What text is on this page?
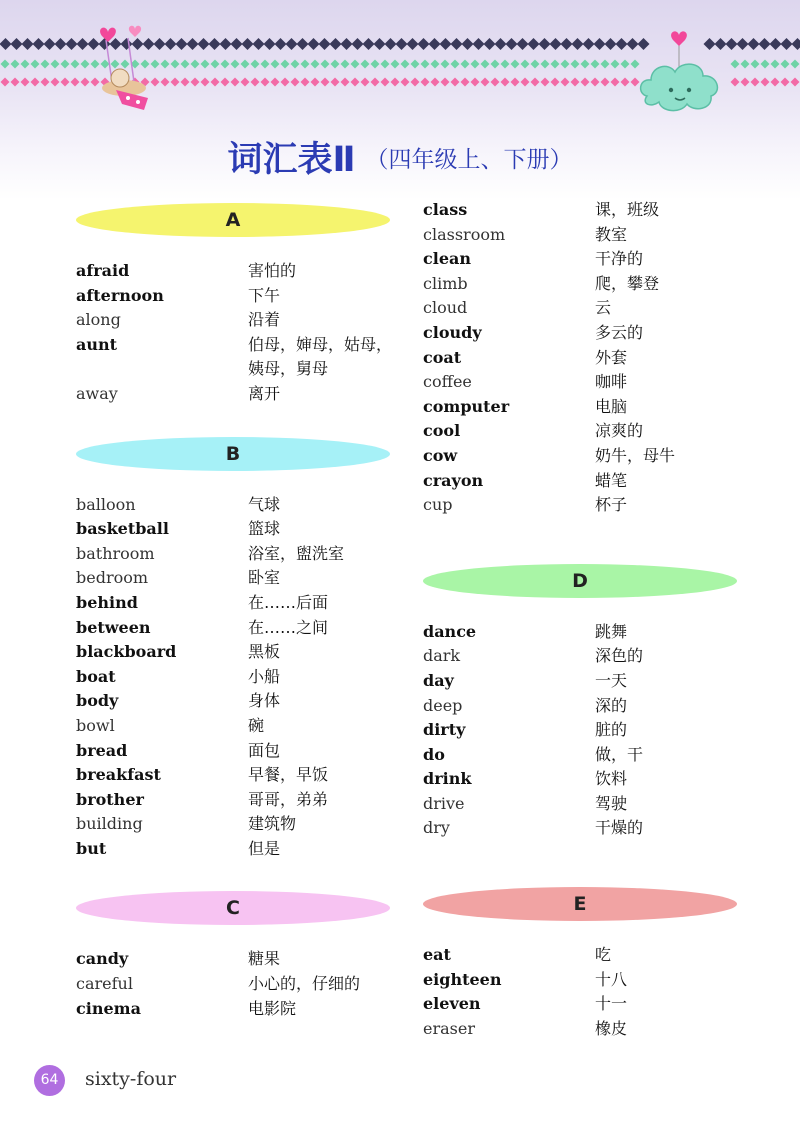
词汇表Ⅱ （四年级上、下册）
A
afraid	害怕的
afternoon	下午
along	沿着
aunt	伯母，婶母，姑母，姨母，舅母
away	离开
B
balloon	气球
basketball	篮球
bathroom	浴室，盥洗室
bedroom	卧室
behind	在……后面
between	在……之间
blackboard	黑板
boat	小船
body	身体
bowl	碗
bread	面包
breakfast	早餐，早饭
brother	哥哥，弟弟
building	建筑物
but	但是
C
candy	糖果
careful	小心的，仔细的
cinema	电影院
class	课，班级
classroom	教室
clean	干净的
climb	爬，攀登
cloud	云
cloudy	多云的
coat	外套
coffee	咖啡
computer	电脑
cool	凉爽的
cow	奶牛，母牛
crayon	蜡笔
cup	杯子
D
dance	跳舞
dark	深色的
day	一天
deep	深的
dirty	脏的
do	做，干
drink	饮料
drive	驾驶
dry	干燥的
E
eat	吃
eighteen	十八
eleven	十一
eraser	橡皮
64	sixty-four
